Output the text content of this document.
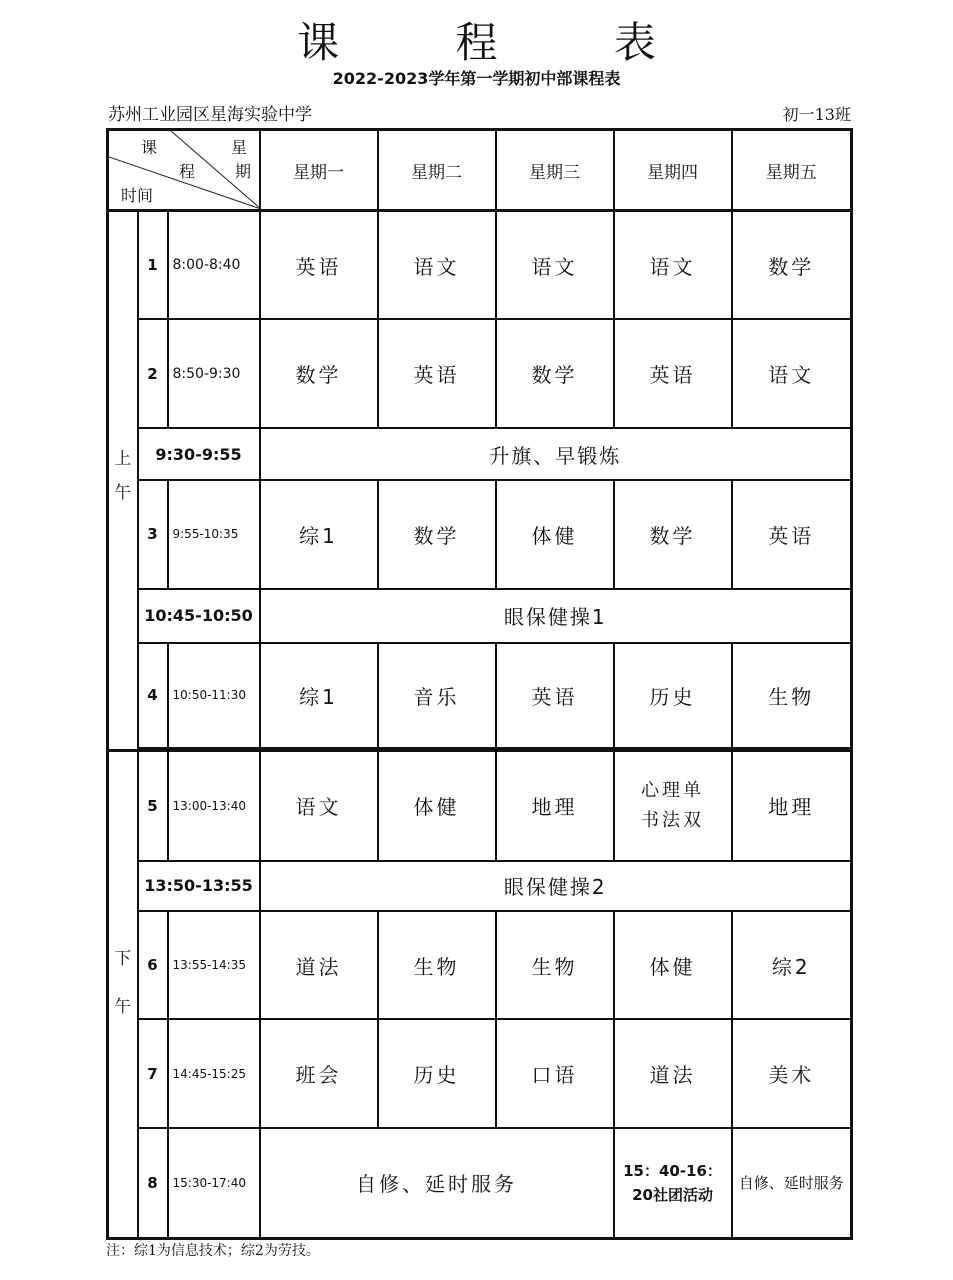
课	程	表
2022-2023学年第一学期初中部课程表
苏州工业园区星海实验中学	初一13班
课
程
星
期
时间			星期一	星期二	星期三	星期四	星期五

上
午	1	8:00-8:40	英语	语文	语文	语文	数学
	2	8:50-9:30	数学	英语	数学	英语	语文
	9:30-9:55		升旗、早锻炼				
	3	9:55-10:35	综1	数学	体健	数学	英语
	10:45-10:50		眼保健操1				
	4	10:50-11:30	综1	音乐	英语	历史	生物

下
午	5	13:00-13:40	语文	体健	地理	心理单 书法双	地理
	13:50-13:55		眼保健操2				
	6	13:55-14:35	道法	生物	生物	体健	综2
	7	14:45-15:25	班会	历史	口语	道法	美术
	8	15:30-17:40	自修、延时服务			15：40-16：20社团活动	自修、延时服务
注：综1为信息技术；综2为劳技。
